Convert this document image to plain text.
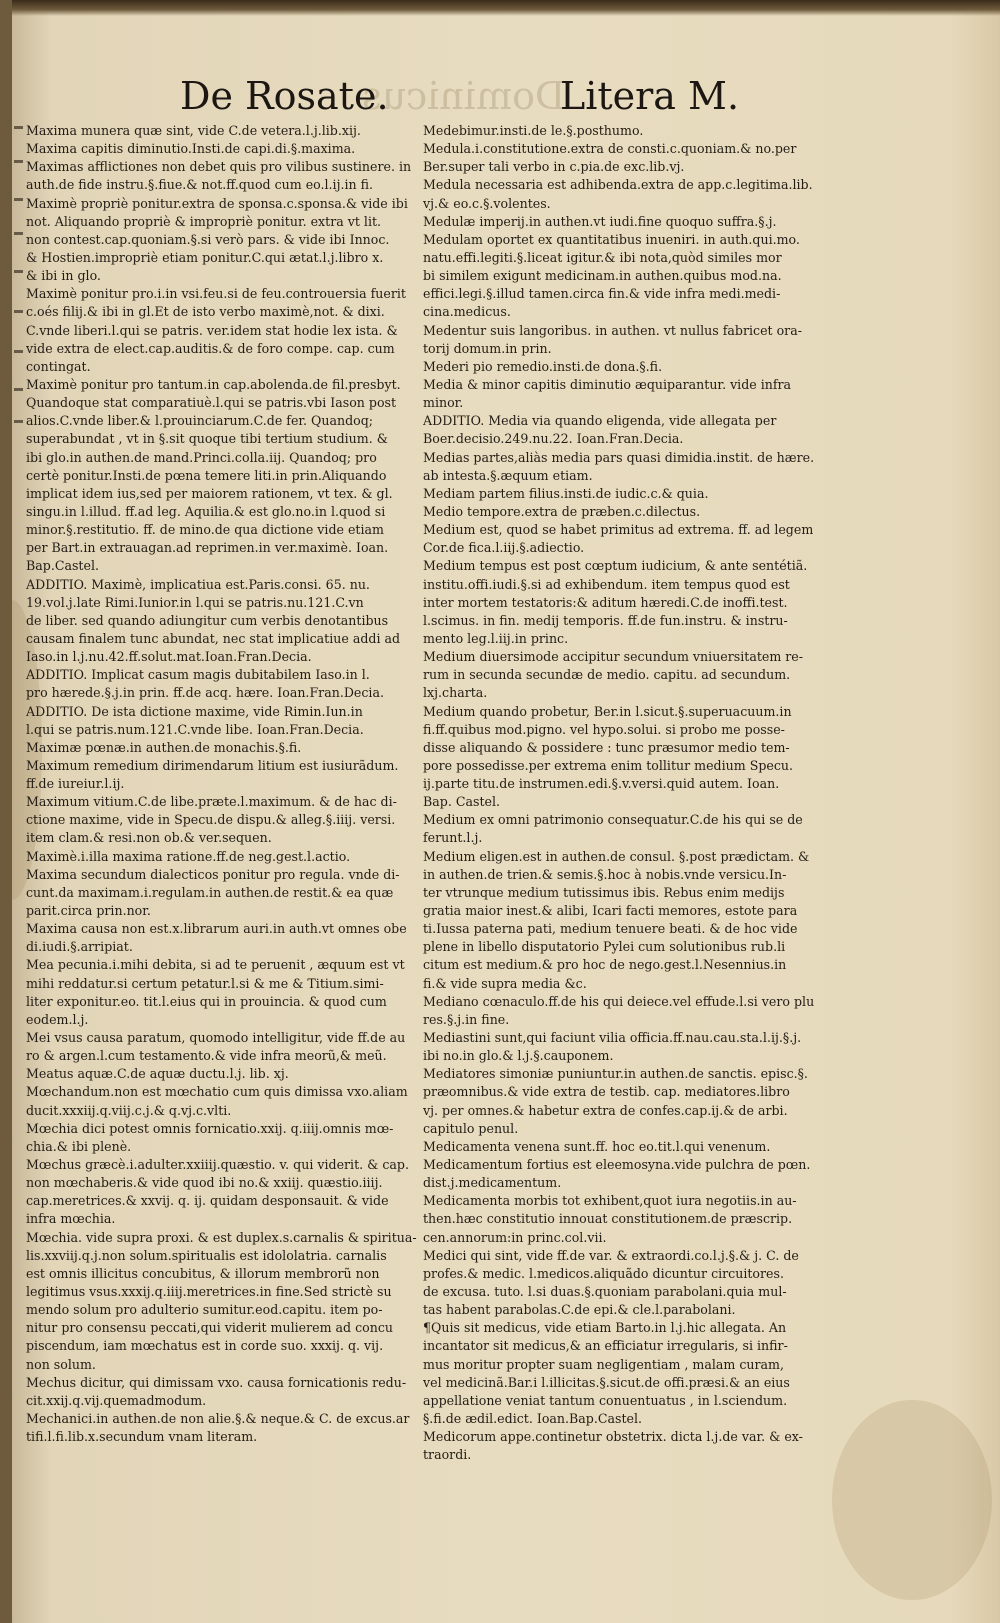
Dominicus
De Rosate.	Litera M.
Maxima munera quæ sint, vide C.de vetera.l.j.lib.xij.
Maxima capitis diminutio.Insti.de capi.di.§.maxima.
Maximas afflictiones non debet quis pro vilibus sustinere. in
auth.de fide instru.§.fiue.& not.ff.quod cum eo.l.ij.in fi.
Maximè propriè ponitur.extra de sponsa.c.sponsa.& vide ibi
not. Aliquando propriè & impropriè ponitur. extra vt lit.
non contest.cap.quoniam.§.si verò pars. & vide ibi Innoc.
& Hostien.impropriè etiam ponitur.C.qui ætat.l.j.libro x.
& ibi in glo.
Maximè ponitur pro.i.in vsi.feu.si de feu.controuersia fuerit
c.oés filij.& ibi in gl.Et de isto verbo maximè,not. & dixi.
C.vnde liberi.l.qui se patris. ver.idem stat hodie lex ista. &
vide extra de elect.cap.auditis.& de foro compe. cap. cum
contingat.
Maximè ponitur pro tantum.in cap.abolenda.de fil.presbyt.
Quandoque stat comparatiuè.l.qui se patris.vbi Iason post
alios.C.vnde liber.& l.prouinciarum.C.de fer. Quandoq;
superabundat , vt in §.sit quoque tibi tertium studium. &
ibi glo.in authen.de mand.Princi.colla.iij. Quandoq; pro
certè ponitur.Insti.de pœna temere liti.in prin.Aliquando
implicat idem ius,sed per maiorem rationem, vt tex. & gl.
singu.in l.illud. ff.ad leg. Aquilia.& est glo.no.in l.quod si
minor.§.restitutio. ff. de mino.de qua dictione vide etiam
per Bart.in extrauagan.ad reprimen.in ver.maximè. Ioan.
Bap.Castel.
ADDITIO. Maximè, implicatiua est.Paris.consi. 65. nu.
19.vol.j.late Rimi.Iunior.in l.qui se patris.nu.121.C.vn
de liber. sed quando adiungitur cum verbis denotantibus
causam finalem tunc abundat, nec stat implicatiue addi ad
Iaso.in l.j.nu.42.ff.solut.mat.Ioan.Fran.Decia.
ADDITIO. Implicat casum magis dubitabilem Iaso.in l.
pro hærede.§.j.in prin. ff.de acq. hære. Ioan.Fran.Decia.
ADDITIO. De ista dictione maxime, vide Rimin.Iun.in
l.qui se patris.num.121.C.vnde libe. Ioan.Fran.Decia.
Maximæ pœnæ.in authen.de monachis.§.fi.
Maximum remedium dirimendarum litium est iusiurãdum.
ff.de iureiur.l.ij.
Maximum vitium.C.de libe.præte.l.maximum. & de hac di-
ctione maxime, vide in Specu.de dispu.& alleg.§.iiij. versi.
item clam.& resi.non ob.& ver.sequen.
Maximè.i.illa maxima ratione.ff.de neg.gest.l.actio.
Maxima secundum dialecticos ponitur pro regula. vnde di-
cunt.da maximam.i.regulam.in authen.de restit.& ea quæ
parit.circa prin.nor.
Maxima causa non est.x.librarum auri.in auth.vt omnes obe
di.iudi.§.arripiat.
Mea pecunia.i.mihi debita, si ad te peruenit , æquum est vt
mihi reddatur.si certum petatur.l.si & me & Titium.simi-
liter exponitur.eo. tit.l.eius qui in prouincia. & quod cum
eodem.l.j.
Mei vsus causa paratum, quomodo intelligitur, vide ff.de au
ro & argen.l.cum testamento.& vide infra meorũ,& meũ.
Meatus aquæ.C.de aquæ ductu.l.j. lib. xj.
Mœchandum.non est mœchatio cum quis dimissa vxo.aliam
ducit.xxxiij.q.viij.c.j.& q.vj.c.vlti.
Mœchia dici potest omnis fornicatio.xxij. q.iiij.omnis mœ-
chia.& ibi plenè.
Mœchus græcè.i.adulter.xxiiij.quæstio. v. qui viderit. & cap.
non mœchaberis.& vide quod ibi no.& xxiij. quæstio.iiij.
cap.meretrices.& xxvij. q. ij. quidam desponsauit. & vide
infra mœchia.
Mœchia. vide supra proxi. & est duplex.s.carnalis & spiritua-
lis.xxviij.q.j.non solum.spiritualis est idololatria. carnalis
est omnis illicitus concubitus, & illorum membrorũ non
legitimus vsus.xxxij.q.iiij.meretrices.in fine.Sed strictè su
mendo solum pro adulterio sumitur.eod.capitu. item po-
nitur pro consensu peccati,qui viderit mulierem ad concu
piscendum, iam mœchatus est in corde suo. xxxij. q. vij.
non solum.
Mechus dicitur, qui dimissam vxo. causa fornicationis redu-
cit.xxij.q.vij.quemadmodum.
Mechanici.in authen.de non alie.§.& neque.& C. de excus.ar
tifi.l.fi.lib.x.secundum vnam literam.
Medebimur.insti.de le.§.posthumo.
Medula.i.constitutione.extra de consti.c.quoniam.& no.per
Ber.super tali verbo in c.pia.de exc.lib.vj.
Medula necessaria est adhibenda.extra de app.c.legitima.lib.
vj.& eo.c.§.volentes.
Medulæ imperij.in authen.vt iudi.fine quoquo suffra.§.j.
Medulam oportet ex quantitatibus inueniri. in auth.qui.mo.
natu.effi.legiti.§.liceat igitur.& ibi nota,quòd similes mor
bi similem exigunt medicinam.in authen.quibus mod.na.
effici.legi.§.illud tamen.circa fin.& vide infra medi.medi-
cina.medicus.
Medentur suis langoribus. in authen. vt nullus fabricet ora-
torij domum.in prin.
Mederi pio remedio.insti.de dona.§.fi.
Media & minor capitis diminutio æquiparantur. vide infra
minor.
ADDITIO. Media via quando eligenda, vide allegata per
Boer.decisio.249.nu.22. Ioan.Fran.Decia.
Medias partes,aliàs media pars quasi dimidia.instit. de hære.
ab intesta.§.æquum etiam.
Mediam partem filius.insti.de iudic.c.& quia.
Medio tempore.extra de præben.c.dilectus.
Medium est, quod se habet primitus ad extrema. ff. ad legem
Cor.de fica.l.iij.§.adiectio.
Medium tempus est post cœptum iudicium, & ante sentétiã.
institu.offi.iudi.§.si ad exhibendum. item tempus quod est
inter mortem testatoris:& aditum hæredi.C.de inoffi.test.
l.scimus. in fin. medij temporis. ff.de fun.instru. & instru-
mento leg.l.iij.in princ.
Medium diuersimode accipitur secundum vniuersitatem re-
rum in secunda secundæ de medio. capitu. ad secundum.
lxj.charta.
Medium quando probetur, Ber.in l.sicut.§.superuacuum.in
fi.ff.quibus mod.pigno. vel hypo.solui. si probo me posse-
disse aliquando & possidere : tunc præsumor medio tem-
pore possedisse.per extrema enim tollitur medium Specu.
ij.parte titu.de instrumen.edi.§.v.versi.quid autem. Ioan.
Bap. Castel.
Medium ex omni patrimonio consequatur.C.de his qui se de
ferunt.l.j.
Medium eligen.est in authen.de consul. §.post prædictam. &
in authen.de trien.& semis.§.hoc à nobis.vnde versicu.In-
ter vtrunque medium tutissimus ibis. Rebus enim medijs
gratia maior inest.& alibi, Icari facti memores, estote para
ti.Iussa paterna pati, medium tenuere beati. & de hoc vide
plene in libello disputatorio Pylei cum solutionibus rub.li
citum est medium.& pro hoc de nego.gest.l.Nesennius.in
fi.& vide supra media &c.
Mediano cœnaculo.ff.de his qui deiece.vel effude.l.si vero plu
res.§.j.in fine.
Mediastini sunt,qui faciunt vilia officia.ff.nau.cau.sta.l.ij.§.j.
ibi no.in glo.& l.j.§.cauponem.
Mediatores simoniæ puniuntur.in authen.de sanctis. episc.§.
præomnibus.& vide extra de testib. cap. mediatores.libro
vj. per omnes.& habetur extra de confes.cap.ij.& de arbi.
capitulo penul.
Medicamenta venena sunt.ff. hoc eo.tit.l.qui venenum.
Medicamentum fortius est eleemosyna.vide pulchra de pœn.
dist.j.medicamentum.
Medicamenta morbis tot exhibent,quot iura negotiis.in au-
then.hæc constitutio innouat constitutionem.de præscrip.
cen.annorum:in princ.col.vii.
Medici qui sint, vide ff.de var. & extraordi.co.l.j.§.& j. C. de
profes.& medic. l.medicos.aliquãdo dicuntur circuitores.
de excusa. tuto. l.si duas.§.quoniam parabolani.quia mul-
tas habent parabolas.C.de epi.& cle.l.parabolani.
¶Quis sit medicus, vide etiam Barto.in l.j.hic allegata. An
incantator sit medicus,& an efficiatur irregularis, si infir-
mus moritur propter suam negligentiam , malam curam,
vel medicinã.Bar.i l.illicitas.§.sicut.de offi.præsi.& an eius
appellatione veniat tantum conuentuatus , in l.sciendum.
§.fi.de ædil.edict. Ioan.Bap.Castel.
Medicorum appe.continetur obstetrix. dicta l.j.de var. & ex-
traordi.
